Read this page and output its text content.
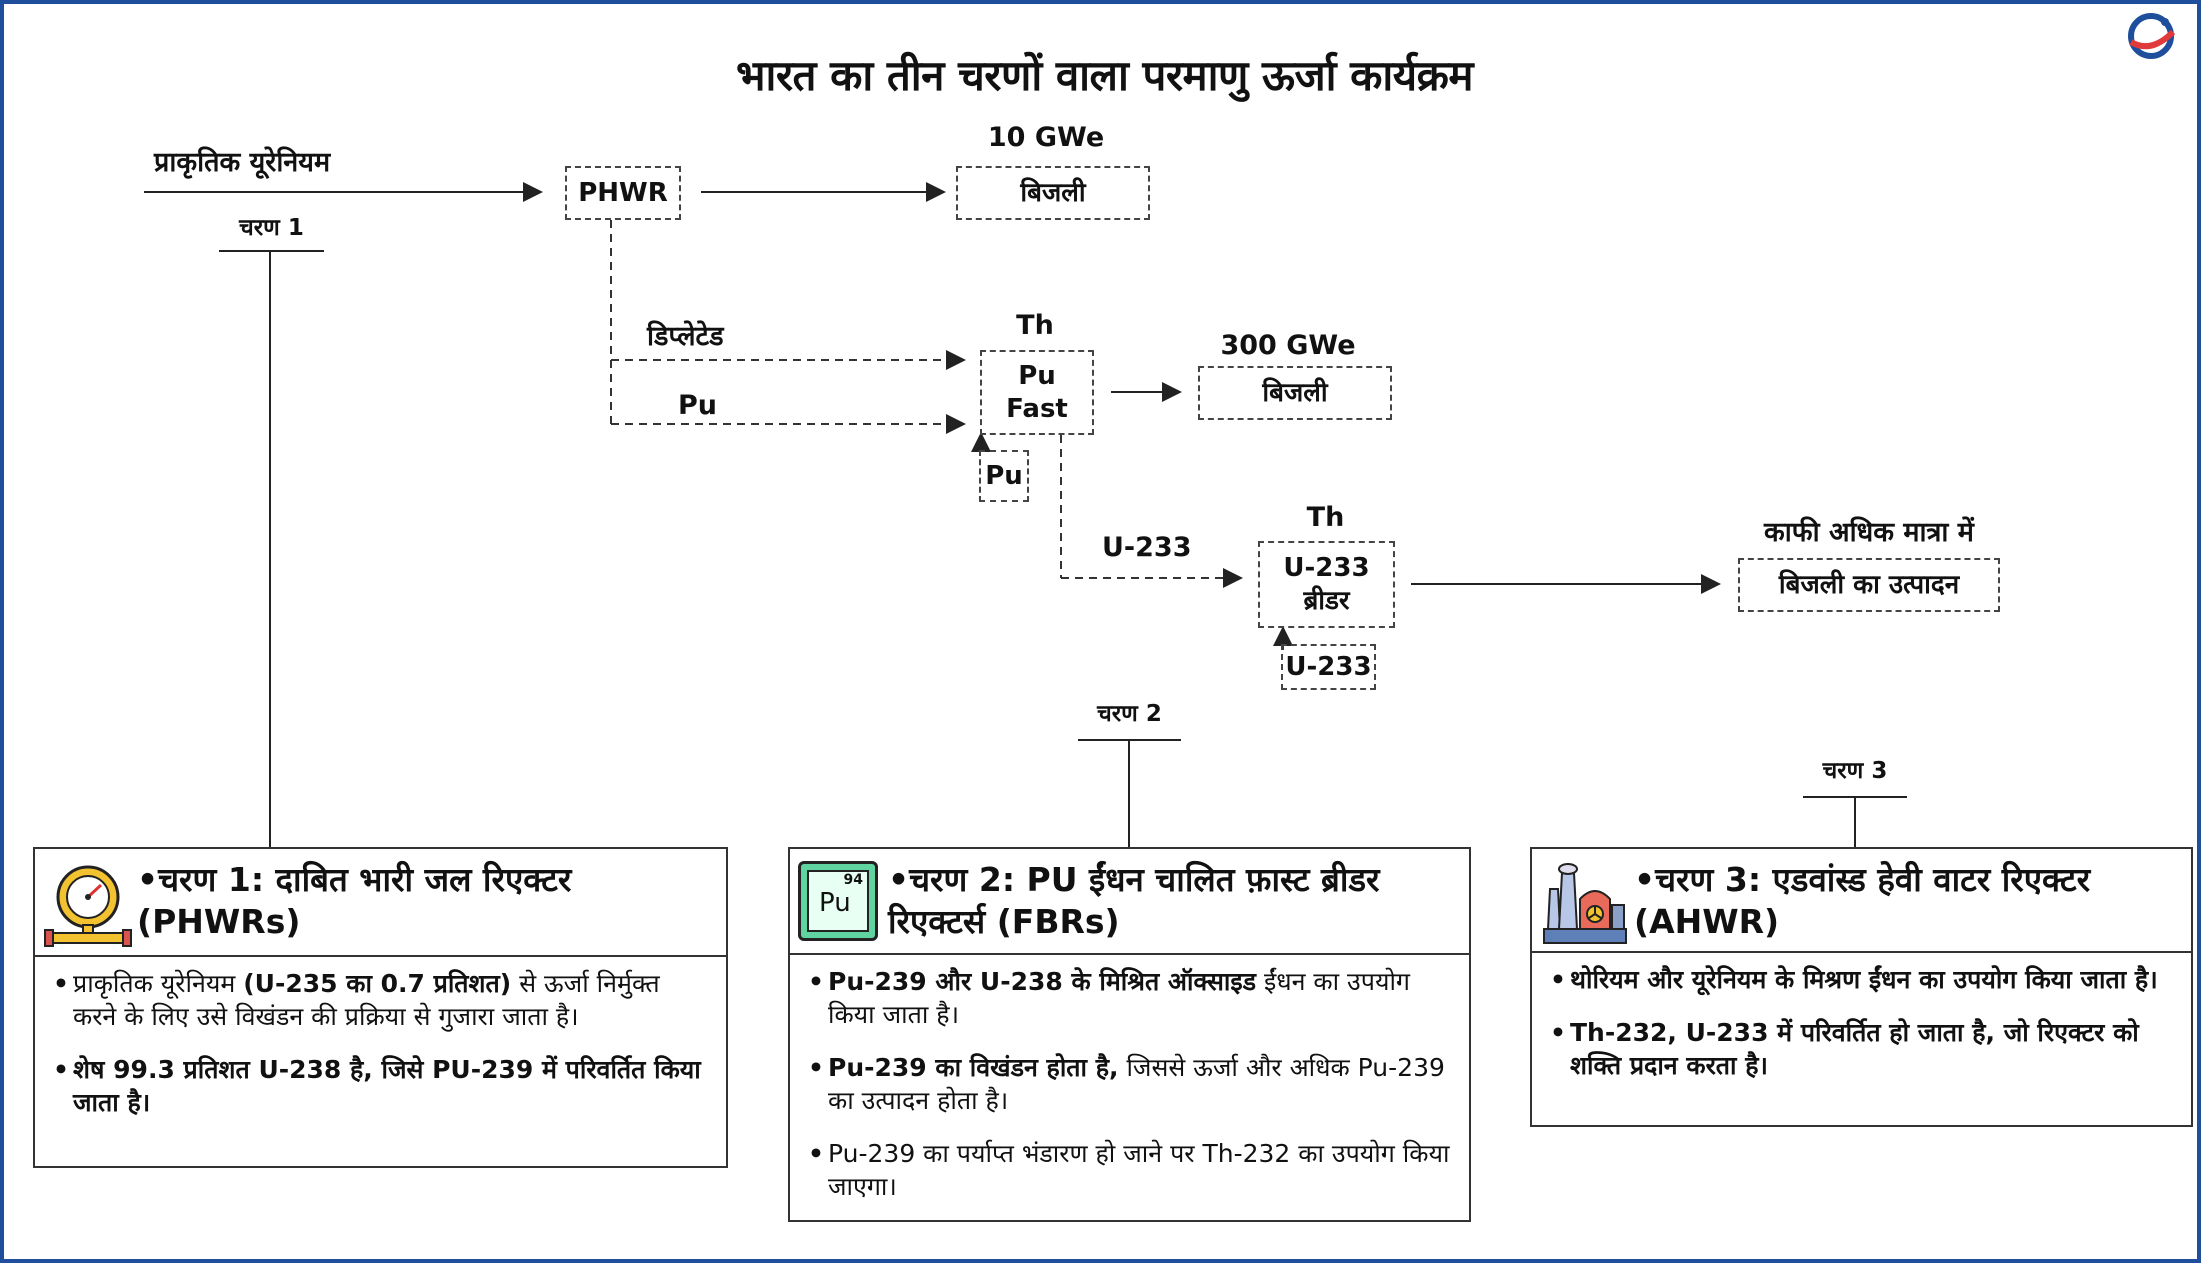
भारत का तीन चरणों वाला परमाणु ऊर्जा कार्यक्रम
प्राकृतिक यूरेनियम
चरण 1
PHWR
10 GWe
बिजली
डिप्लेटेड
Pu
Th
Pu
Fast
Pu
300 GWe
बिजली
U-233
Th
U-233
ब्रीडर
U-233
काफी अधिक मात्रा में
बिजली का उत्पादन
चरण 2
चरण 3
•चरण 1: दाबित भारी जल रिएक्टर (PHWRs)
• प्राकृतिक यूरेनियम (U-235 का 0.7 प्रतिशत) से ऊर्जा निर्मुक्त करने के लिए उसे विखंडन की प्रक्रिया से गुजारा जाता है।
• शेष 99.3 प्रतिशत U-238 है, जिसे PU-239 में परिवर्तित किया जाता है।
94
Pu
•चरण 2: PU ईंधन चालित फ़ास्ट ब्रीडर रिएक्टर्स (FBRs)
• Pu-239 और U-238 के मिश्रित ऑक्साइड ईंधन का उपयोग किया जाता है।
• Pu-239 का विखंडन होता है, जिससे ऊर्जा और अधिक Pu-239 का उत्पादन होता है।
• Pu-239 का पर्याप्त भंडारण हो जाने पर Th-232 का उपयोग किया जाएगा।
•चरण 3: एडवांस्ड हेवी वाटर रिएक्टर (AHWR)
• थोरियम और यूरेनियम के मिश्रण ईंधन का उपयोग किया जाता है।
• Th-232, U-233 में परिवर्तित हो जाता है, जो रिएक्टर को शक्ति प्रदान करता है।
